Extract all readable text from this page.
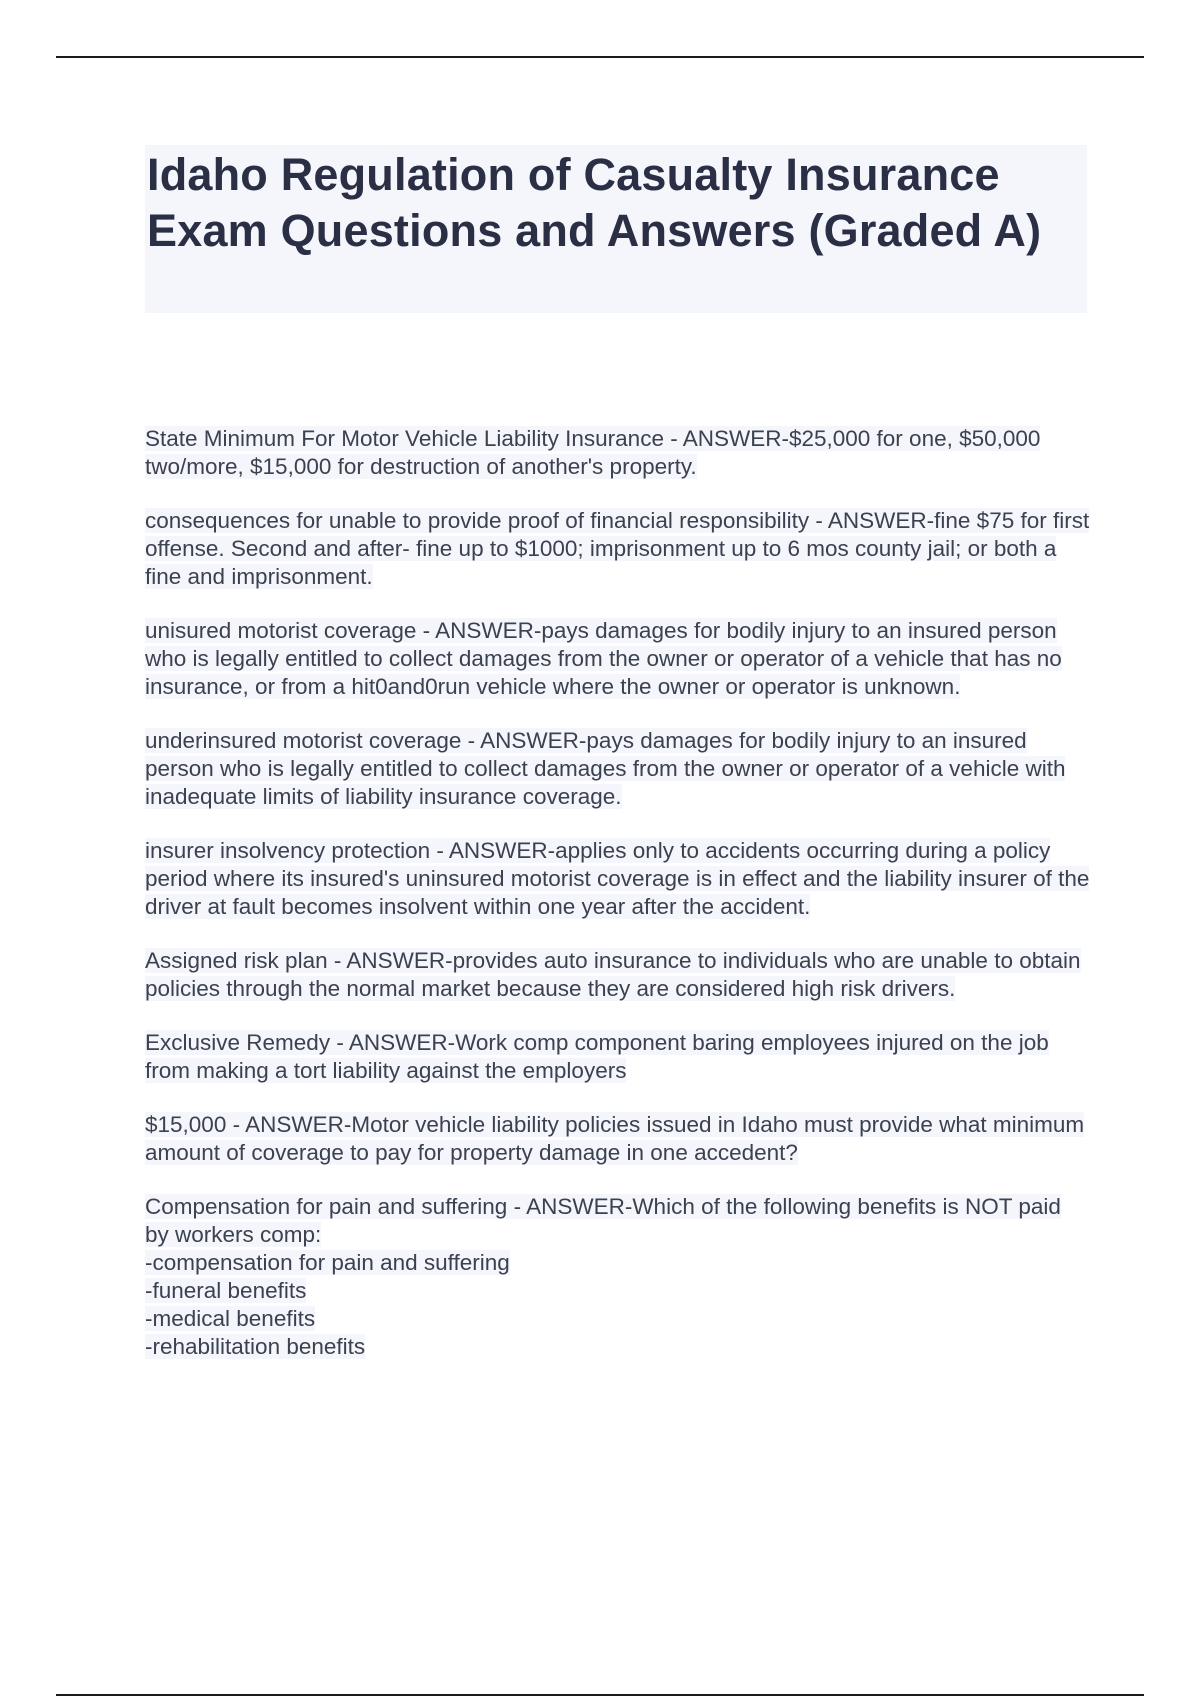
Idaho Regulation of Casualty Insurance Exam Questions and Answers (Graded A)

State Minimum For Motor Vehicle Liability Insurance - ANSWER-$25,000 for one, $50,000 two/more, $15,000 for destruction of another's property.

consequences for unable to provide proof of financial responsibility - ANSWER-fine $75 for first offense. Second and after- fine up to $1000; imprisonment up to 6 mos county jail; or both a fine and imprisonment.

unisured motorist coverage - ANSWER-pays damages for bodily injury to an insured person who is legally entitled to collect damages from the owner or operator of a vehicle that has no insurance, or from a hit0and0run vehicle where the owner or operator is unknown.

underinsured motorist coverage - ANSWER-pays damages for bodily injury to an insured person who is legally entitled to collect damages from the owner or operator of a vehicle with inadequate limits of liability insurance coverage.

insurer insolvency protection - ANSWER-applies only to accidents occurring during a policy period where its insured's uninsured motorist coverage is in effect and the liability insurer of the driver at fault becomes insolvent within one year after the accident.

Assigned risk plan - ANSWER-provides auto insurance to individuals who are unable to obtain policies through the normal market because they are considered high risk drivers.

Exclusive Remedy - ANSWER-Work comp component baring employees injured on the job from making a tort liability against the employers

$15,000 - ANSWER-Motor vehicle liability policies issued in Idaho must provide what minimum amount of coverage to pay for property damage in one accedent?

Compensation for pain and suffering - ANSWER-Which of the following benefits is NOT paid by workers comp:
-compensation for pain and suffering
-funeral benefits
-medical benefits
-rehabilitation benefits
